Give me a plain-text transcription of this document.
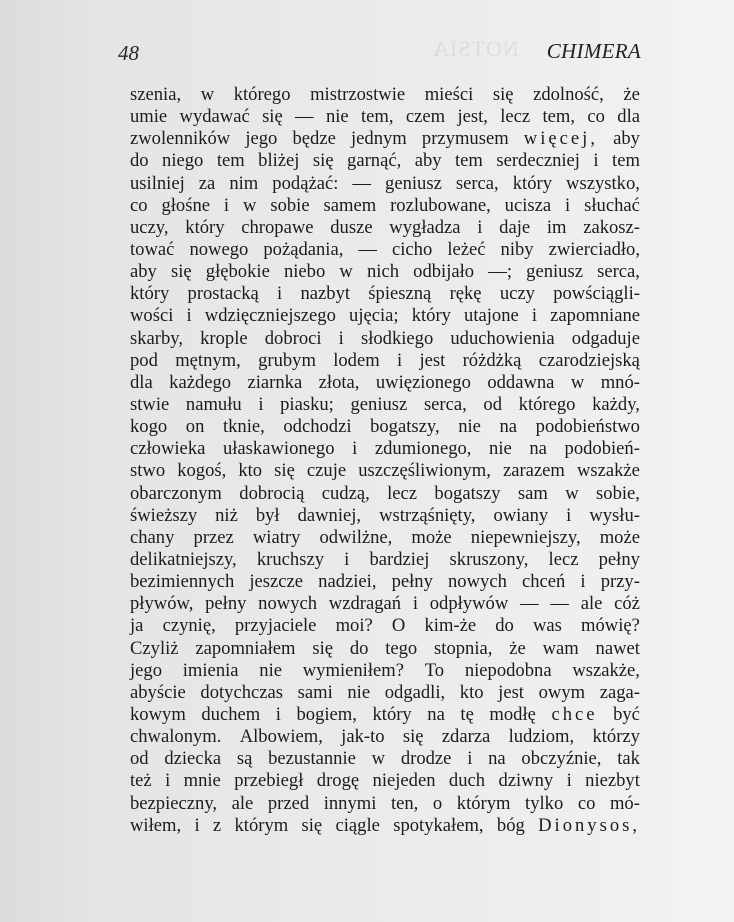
NOTSIA
48	CHIMERA
szenia, w którego mistrzostwie mieści się zdolność, że
umie wydawać się — nie tem, czem jest, lecz tem, co dla
zwolenników jego będze jednym przymusem więcej, aby
do niego tem bliżej się garnąć, aby tem serdeczniej i tem
usilniej za nim podążać: — geniusz serca, który wszystko,
co głośne i w sobie samem rozlubowane, ucisza i słuchać
uczy, który chropawe dusze wygładza i daje im zakosz-
tować nowego pożądania, — cicho leżeć niby zwierciadło,
aby się głębokie niebo w nich odbijało —; geniusz serca,
który prostacką i nazbyt śpieszną rękę uczy powściągli-
wości i wdzięczniejszego ujęcia; który utajone i zapomniane
skarby, krople dobroci i słodkiego uduchowienia odgaduje
pod mętnym, grubym lodem i jest różdżką czarodziejską
dla każdego ziarnka złota, uwięzionego oddawna w mnó-
stwie namułu i piasku; geniusz serca, od którego każdy,
kogo on tknie, odchodzi bogatszy, nie na podobieństwo
człowieka ułaskawionego i zdumionego, nie na podobień-
stwo kogoś, kto się czuje uszczęśliwionym, zarazem wszakże
obarczonym dobrocią cudzą, lecz bogatszy sam w sobie,
świeższy niż był dawniej, wstrząśnięty, owiany i wysłu-
chany przez wiatry odwilżne, może niepewniejszy, może
delikatniejszy, kruchszy i bardziej skruszony, lecz pełny
bezimiennych jeszcze nadziei, pełny nowych chceń i przy-
pływów, pełny nowych wzdragań i odpływów — — ale cóż
ja czynię, przyjaciele moi? O kim-że do was mówię?
Czyliż zapomniałem się do tego stopnia, że wam nawet
jego imienia nie wymieniłem? To niepodobna wszakże,
abyście dotychczas sami nie odgadli, kto jest owym zaga-
kowym duchem i bogiem, który na tę modłę chce być
chwalonym. Albowiem, jak-to się zdarza ludziom, którzy
od dziecka są bezustannie w drodze i na obczyźnie, tak
też i mnie przebiegł drogę niejeden duch dziwny i niezbyt
bezpieczny, ale przed innymi ten, o którym tylko co mó-
wiłem, i z którym się ciągle spotykałem, bóg Dionysos,
